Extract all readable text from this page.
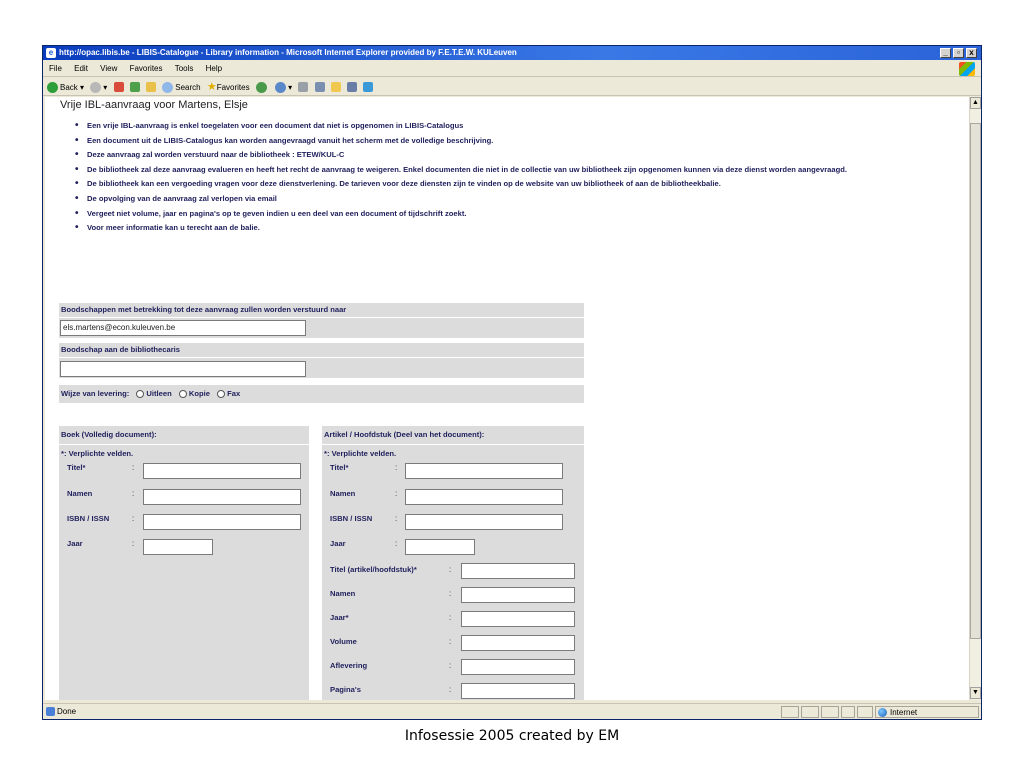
e http://opac.libis.be - LIBIS-Catalogue - Library information - Microsoft Internet Explorer provided by F.E.T.E.W. KULeuven	_	▫	x
File Edit View Favorites Tools Help
Back ▾ ▾	Search ★Favorites	▾
Vrije IBL-aanvraag voor Martens, Elsje
• Een vrije IBL-aanvraag is enkel toegelaten voor een document dat niet is opgenomen in LIBIS-Catalogus
• Een document uit de LIBIS-Catalogus kan worden aangevraagd vanuit het scherm met de volledige beschrijving.
• Deze aanvraag zal worden verstuurd naar de bibliotheek : ETEW/KUL-C
• De bibliotheek zal deze aanvraag evalueren en heeft het recht de aanvraag te weigeren. Enkel documenten die niet in de collectie van uw bibliotheek zijn opgenomen kunnen via deze dienst worden aangevraagd.
• De bibliotheek kan een vergoeding vragen voor deze dienstverlening. De tarieven voor deze diensten zijn te vinden op de website van uw bibliotheek of aan de bibliotheekbalie.
• De opvolging van de aanvraag zal verlopen via email
• Vergeet niet volume, jaar en pagina's op te geven indien u een deel van een document of tijdschrift zoekt.
• Voor meer informatie kan u terecht aan de balie.
Boodschappen met betrekking tot deze aanvraag zullen worden verstuurd naar
els.martens@econ.kuleuven.be
Boodschap aan de bibliothecaris
Wijze van levering: Uitleen Kopie Fax
Boek (Volledig document):
*: Verplichte velden.
Titel*	:
Namen	:
ISBN / ISSN	:
Jaar	:
Artikel / Hoofdstuk (Deel van het document):
*: Verplichte velden.
Titel*	:
Namen	:
ISBN / ISSN	:
Jaar	:
Titel (artikel/hoofdstuk)*	:
Namen	:
Jaar*	:
Volume	:
Aflevering	:
Pagina's	:
▲
▼
Done	Internet
Infosessie 2005 created by EM
